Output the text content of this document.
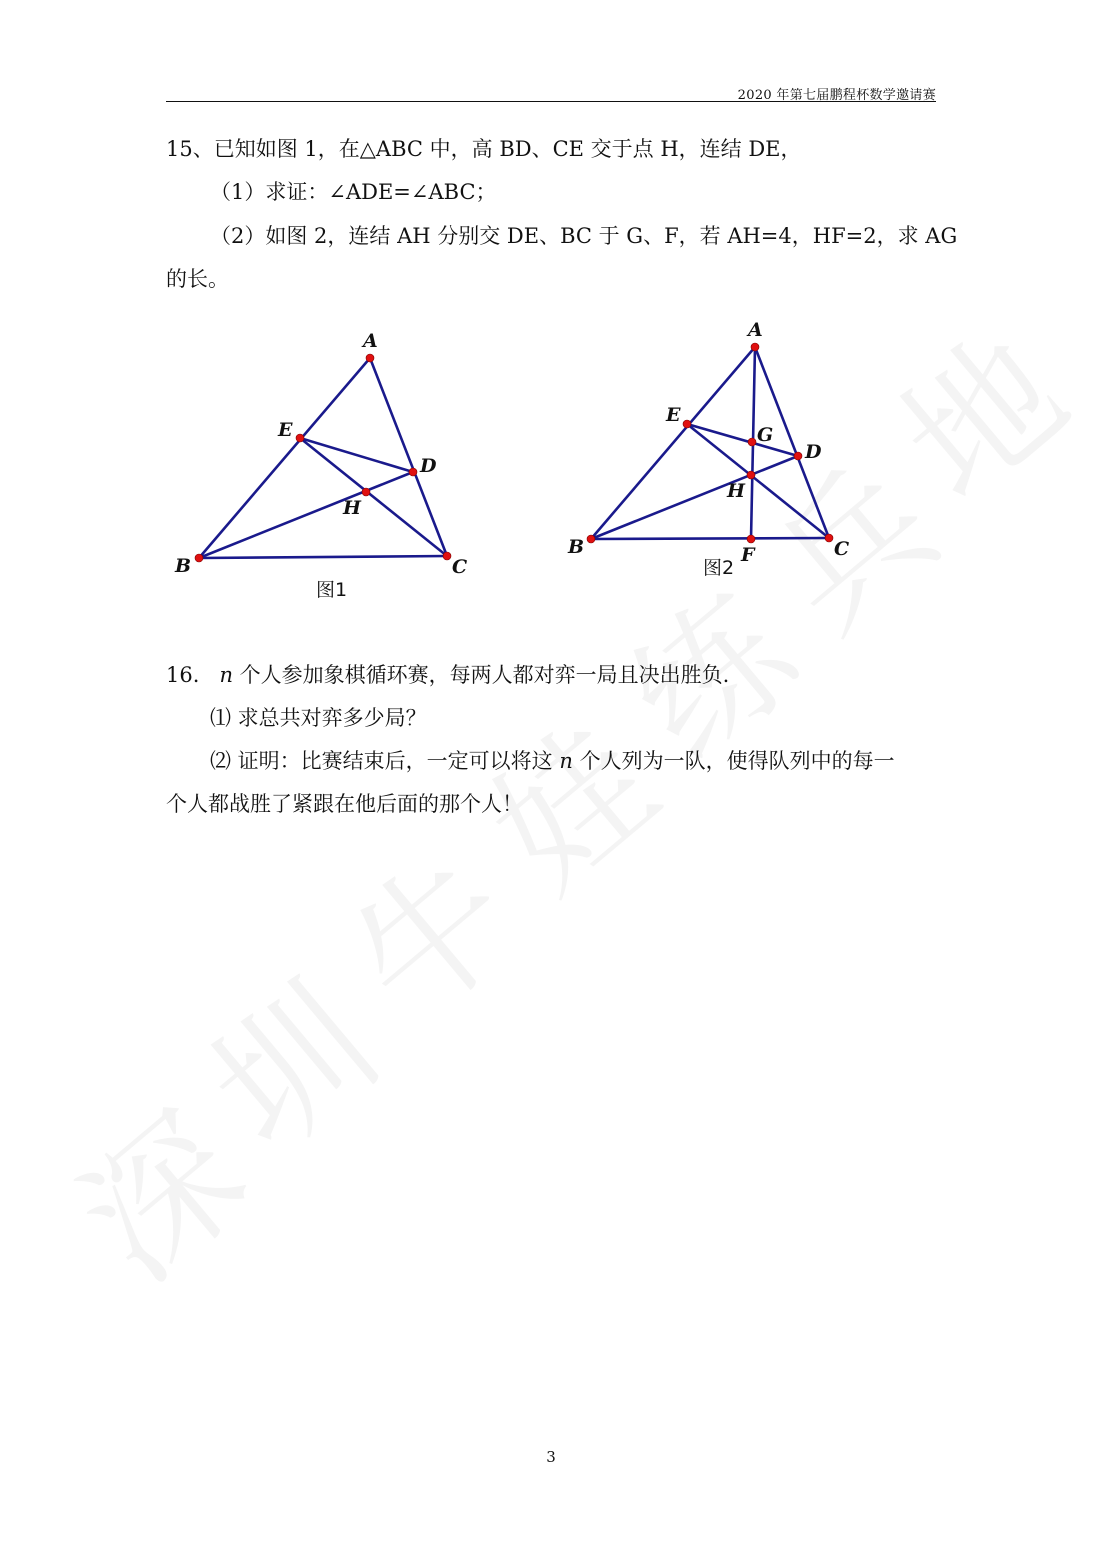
2020 年第七届鹏程杯数学邀请赛
15、已知如图 1，在△ABC 中，高 BD、CE 交于点 H，连结 DE，
（1）求证：∠ADE=∠ABC；
（2）如图 2，连结 AH 分别交 DE、BC 于 G、F，若 AH=4，HF=2，求 AG
的长。
A
E
D
H
B	C
图1
A
E
G
D
H
B	F	C
图2
16. n 个人参加象棋循环赛，每两人都对弈一局且决出胜负.
⑴ 求总共对弈多少局？
⑵ 证明：比赛结束后，一定可以将这 n 个人列为一队，使得队列中的每一
个人都战胜了紧跟在他后面的那个人！
3
